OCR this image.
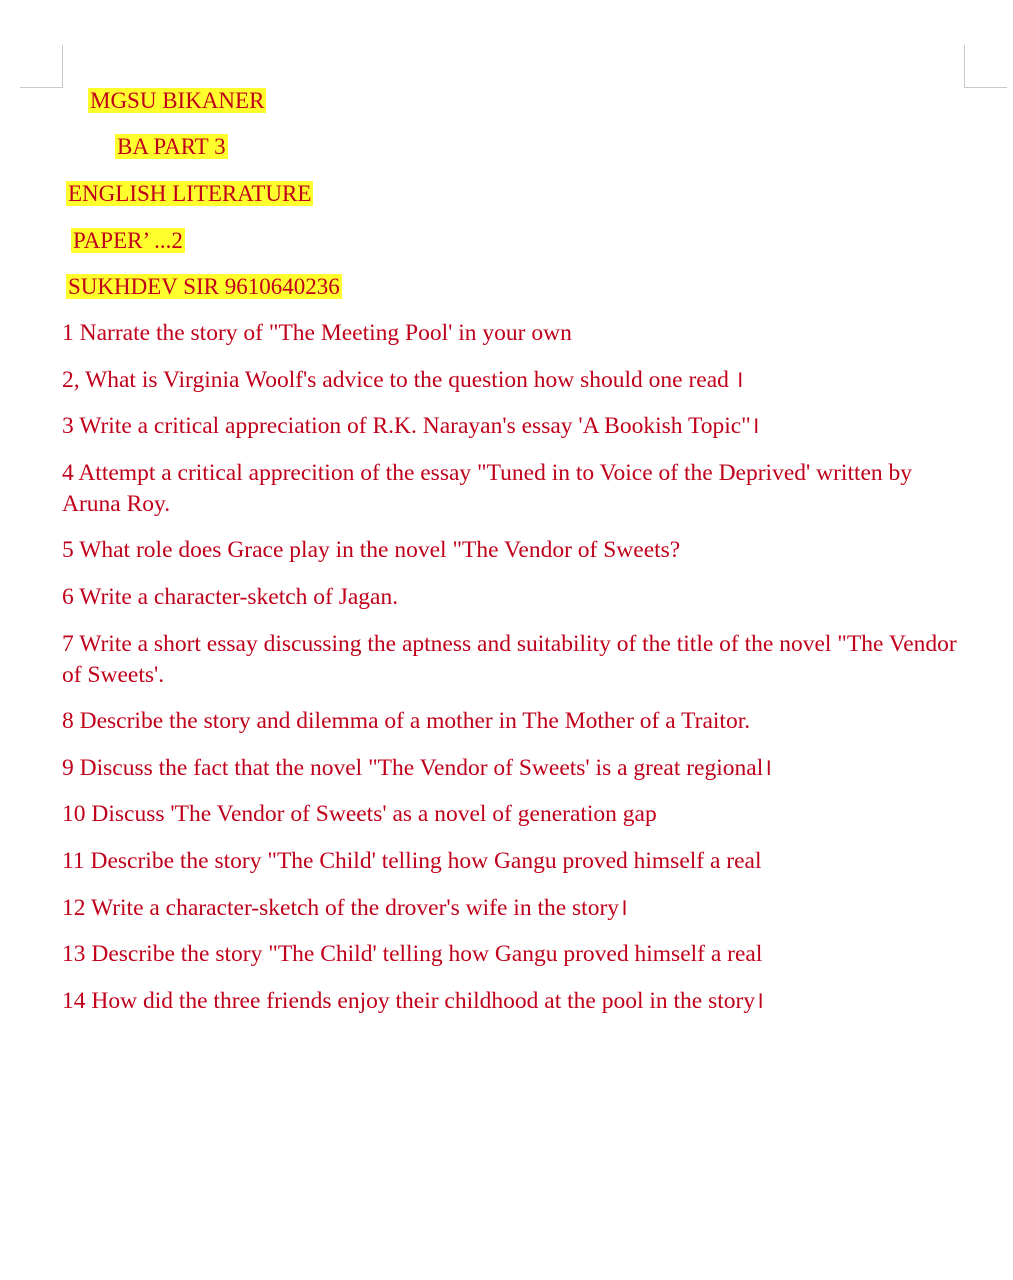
MGSU BIKANER
BA PART 3
ENGLISH LITERATURE
PAPER’ ...2
SUKHDEV SIR 9610640236
1 Narrate the story of "The Meeting Pool' in your own
2, What is Virginia Woolf's advice to the question how should one read ।
3 Write a critical appreciation of R.K. Narayan's essay 'A Bookish Topic"।
4 Attempt a critical apprecition of the essay "Tuned in to Voice of the Deprived' written by Aruna Roy.
5 What role does Grace play in the novel "The Vendor of Sweets?
6 Write a character-sketch of Jagan.
7 Write a short essay discussing the aptness and suitability of the title of the novel "The Vendor of Sweets'.
8 Describe the story and dilemma of a mother in The Mother of a Traitor.
9 Discuss the fact that the novel "The Vendor of Sweets' is a great regional।
10 Discuss 'The Vendor of Sweets' as a novel of generation gap
11 Describe the story "The Child' telling how Gangu proved himself a real
12 Write a character-sketch of the drover's wife in the story।
13 Describe the story "The Child' telling how Gangu proved himself a real
14 How did the three friends enjoy their childhood at the pool in the story।
